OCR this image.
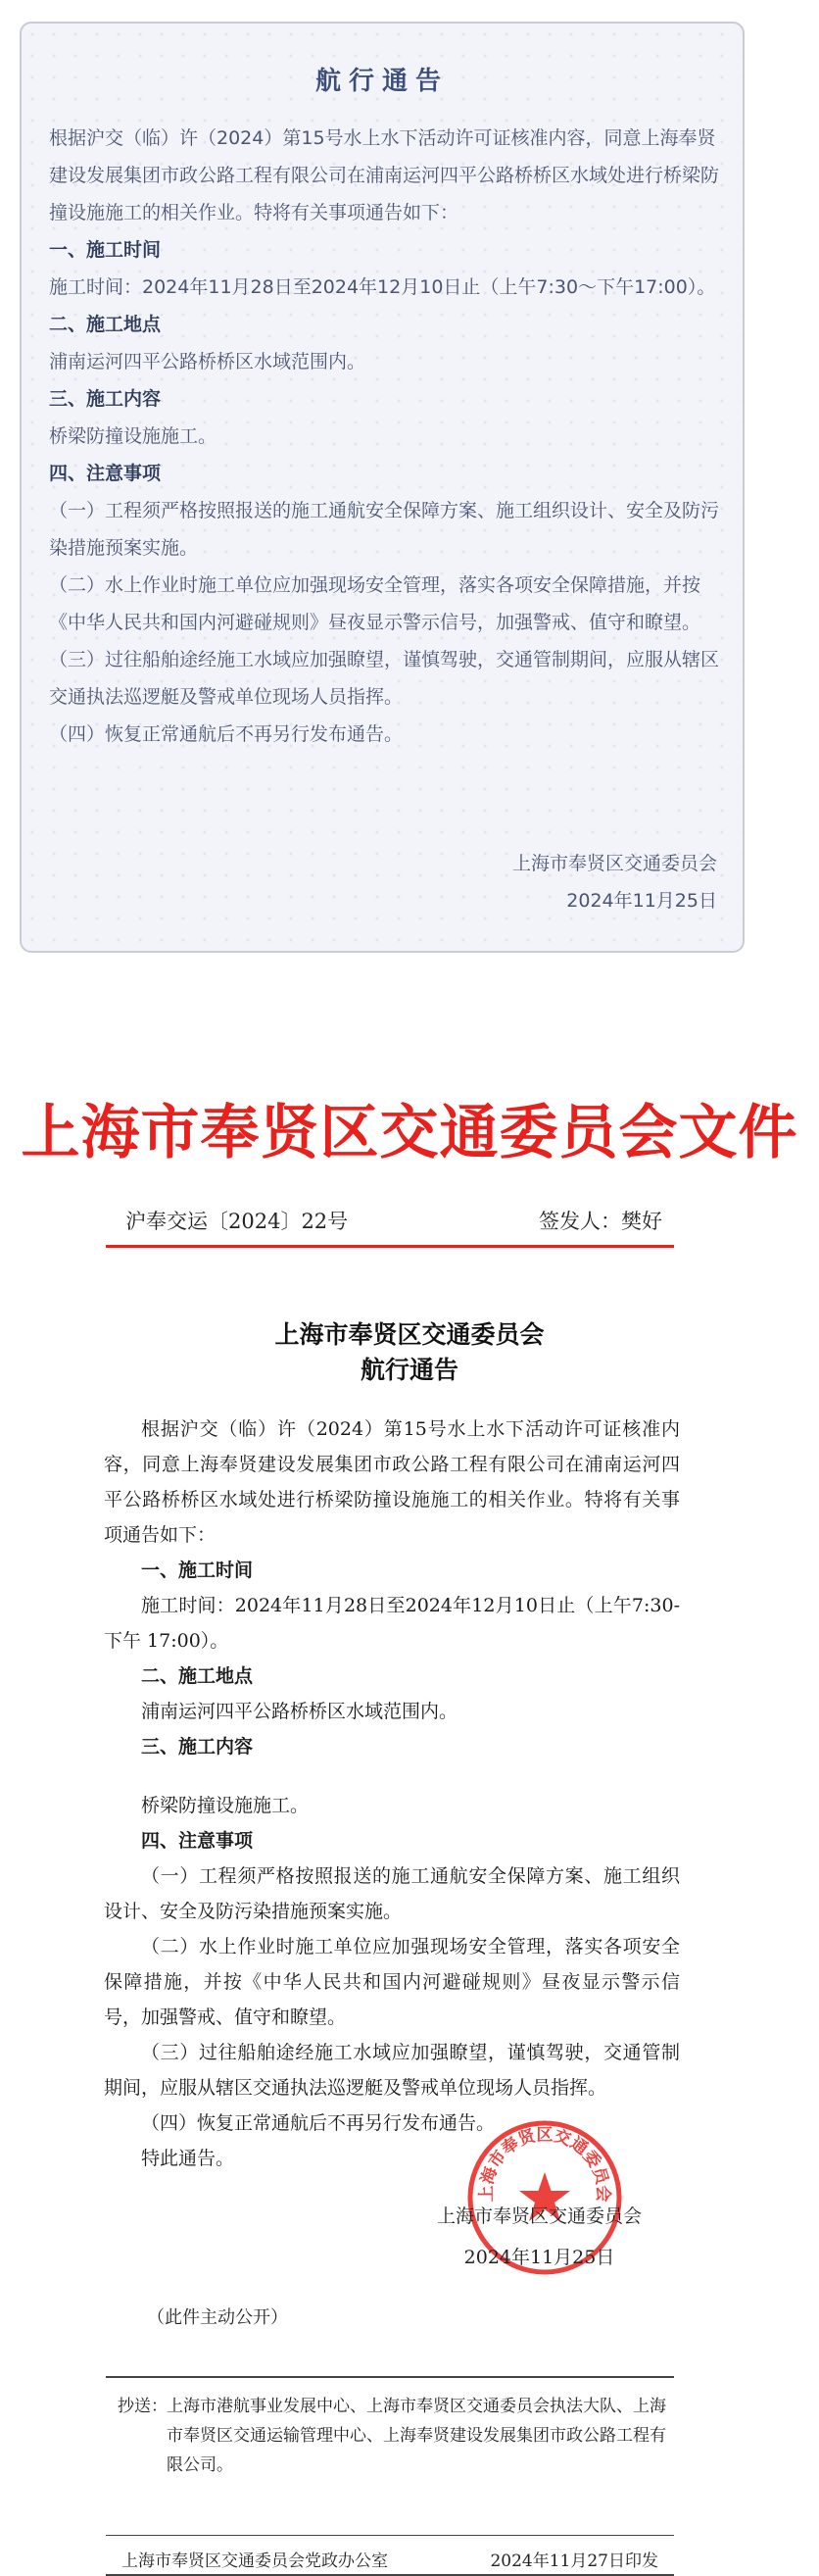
航行通告

根据沪交（临）许（2024）第15号水上水下活动许可证核准内容，同意上海奉贤建设发展集团市政公路工程有限公司在浦南运河四平公路桥桥区水域处进行桥梁防撞设施施工的相关作业。特将有关事项通告如下：

一、施工时间

施工时间：2024年11月28日至2024年12月10日止（上午7:30～下午17:00）。

二、施工地点

浦南运河四平公路桥桥区水域范围内。

三、施工内容

桥梁防撞设施施工。

四、注意事项

（一）工程须严格按照报送的施工通航安全保障方案、施工组织设计、安全及防污染措施预案实施。

（二）水上作业时施工单位应加强现场安全管理，落实各项安全保障措施，并按《中华人民共和国内河避碰规则》昼夜显示警示信号，加强警戒、值守和瞭望。

（三）过往船舶途经施工水域应加强瞭望，谨慎驾驶，交通管制期间，应服从辖区交通执法巡逻艇及警戒单位现场人员指挥。

（四）恢复正常通航后不再另行发布通告。

上海市奉贤区交通委员会
2024年11月25日
上海市奉贤区交通委员会文件
沪奉交运〔2024〕22号	签发人：樊好
上海市奉贤区交通委员会
航行通告

根据沪交（临）许（2024）第15号水上水下活动许可证核准内容，同意上海奉贤建设发展集团市政公路工程有限公司在浦南运河四平公路桥桥区水域处进行桥梁防撞设施施工的相关作业。特将有关事项通告如下：

一、施工时间

施工时间：2024年11月28日至2024年12月10日止（上午7:30-下午 17:00）。

二、施工地点

浦南运河四平公路桥桥区水域范围内。

三、施工内容

桥梁防撞设施施工。

四、注意事项

（一）工程须严格按照报送的施工通航安全保障方案、施工组织设计、安全及防污染措施预案实施。

（二）水上作业时施工单位应加强现场安全管理，落实各项安全保障措施，并按《中华人民共和国内河避碰规则》昼夜显示警示信号，加强警戒、值守和瞭望。

（三）过往船舶途经施工水域应加强瞭望，谨慎驾驶，交通管制期间，应服从辖区交通执法巡逻艇及警戒单位现场人员指挥。

（四）恢复正常通航后不再另行发布通告。

特此通告。

上海市奉贤区交通委员会
上海市奉贤区交通委员会
2024年11月25日
（此件主动公开）
抄送： 上海市港航事业发展中心、上海市奉贤区交通委员会执法大队、上海市奉贤区交通运输管理中心、上海奉贤建设发展集团市政公路工程有限公司。
上海市奉贤区交通委员会党政办公室	2024年11月27日印发
